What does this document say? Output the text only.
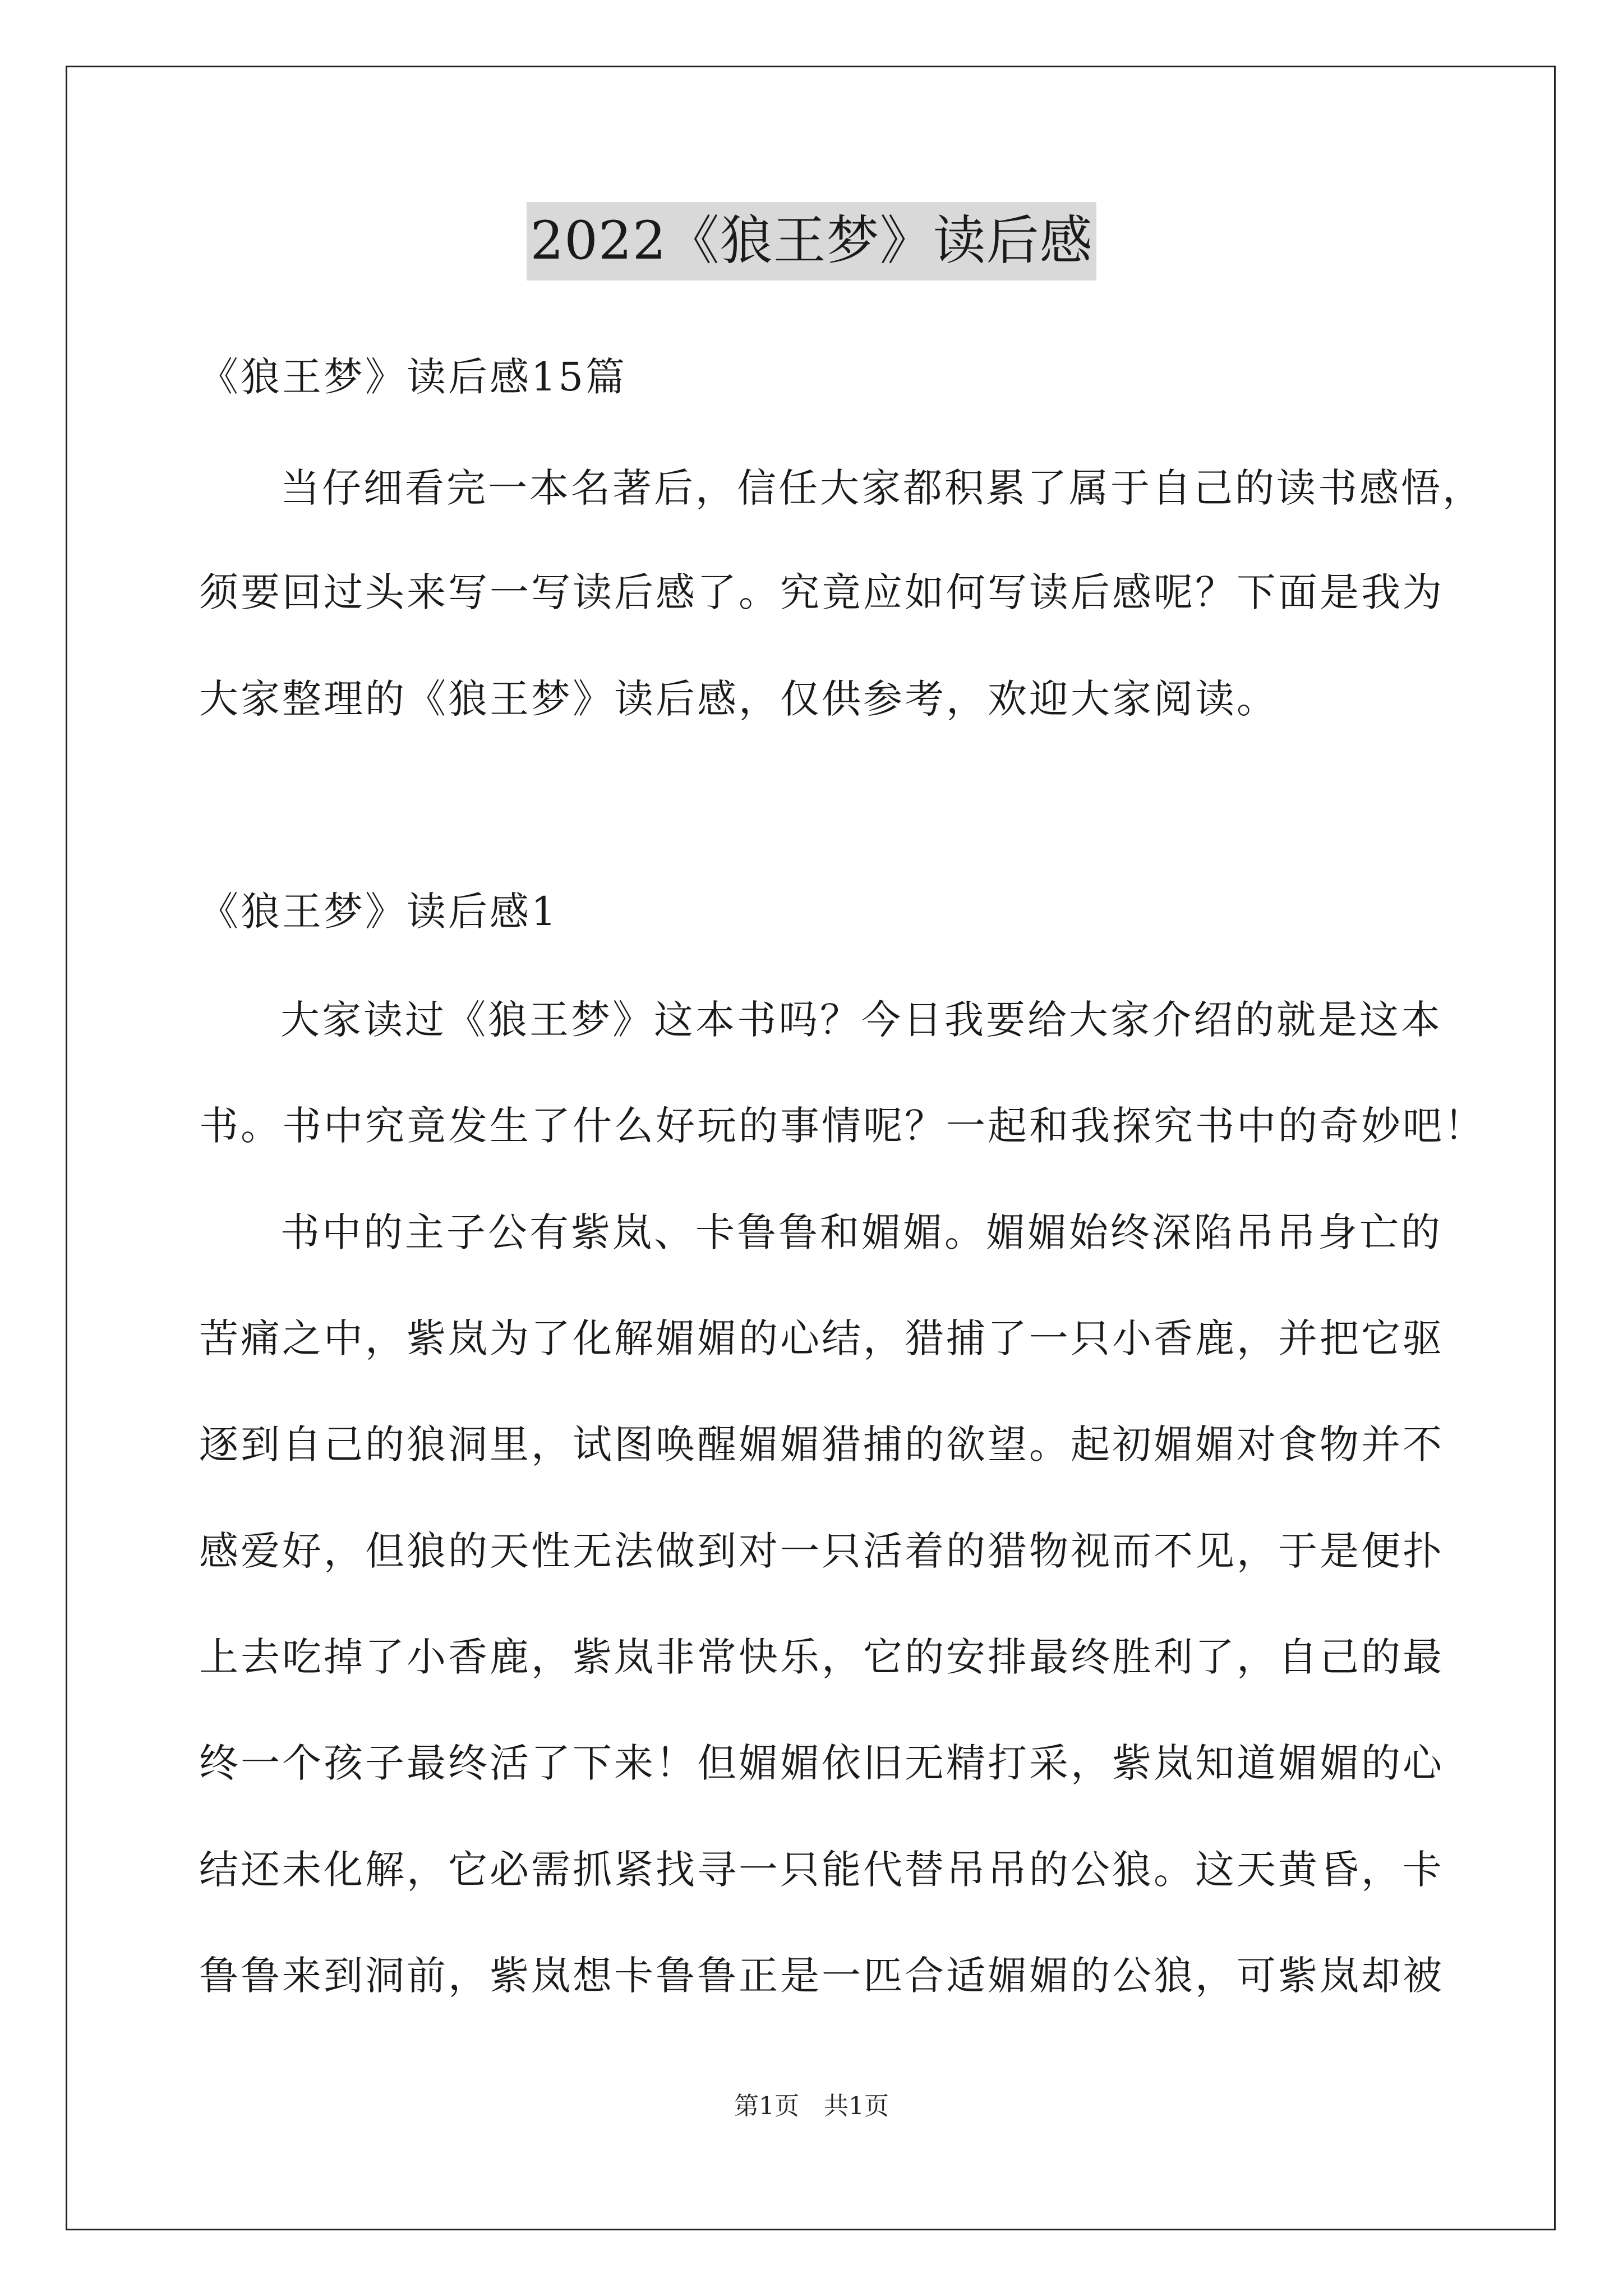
2022《狼王梦》读后感
《狼王梦》读后感15篇
当仔细看完一本名著后，信任大家都积累了属于自己的读书感悟，
须要回过头来写一写读后感了。究竟应如何写读后感呢？下面是我为
大家整理的《狼王梦》读后感，仅供参考，欢迎大家阅读。
《狼王梦》读后感1
大家读过《狼王梦》这本书吗？今日我要给大家介绍的就是这本
书。书中究竟发生了什么好玩的事情呢？一起和我探究书中的奇妙吧！
书中的主子公有紫岚、卡鲁鲁和媚媚。媚媚始终深陷吊吊身亡的
苦痛之中，紫岚为了化解媚媚的心结，猎捕了一只小香鹿，并把它驱
逐到自己的狼洞里，试图唤醒媚媚猎捕的欲望。起初媚媚对食物并不
感爱好，但狼的天性无法做到对一只活着的猎物视而不见，于是便扑
上去吃掉了小香鹿，紫岚非常快乐，它的安排最终胜利了，自己的最
终一个孩子最终活了下来！但媚媚依旧无精打采，紫岚知道媚媚的心
结还未化解，它必需抓紧找寻一只能代替吊吊的公狼。这天黄昏，卡
鲁鲁来到洞前，紫岚想卡鲁鲁正是一匹合适媚媚的公狼，可紫岚却被
第1页　共1页
